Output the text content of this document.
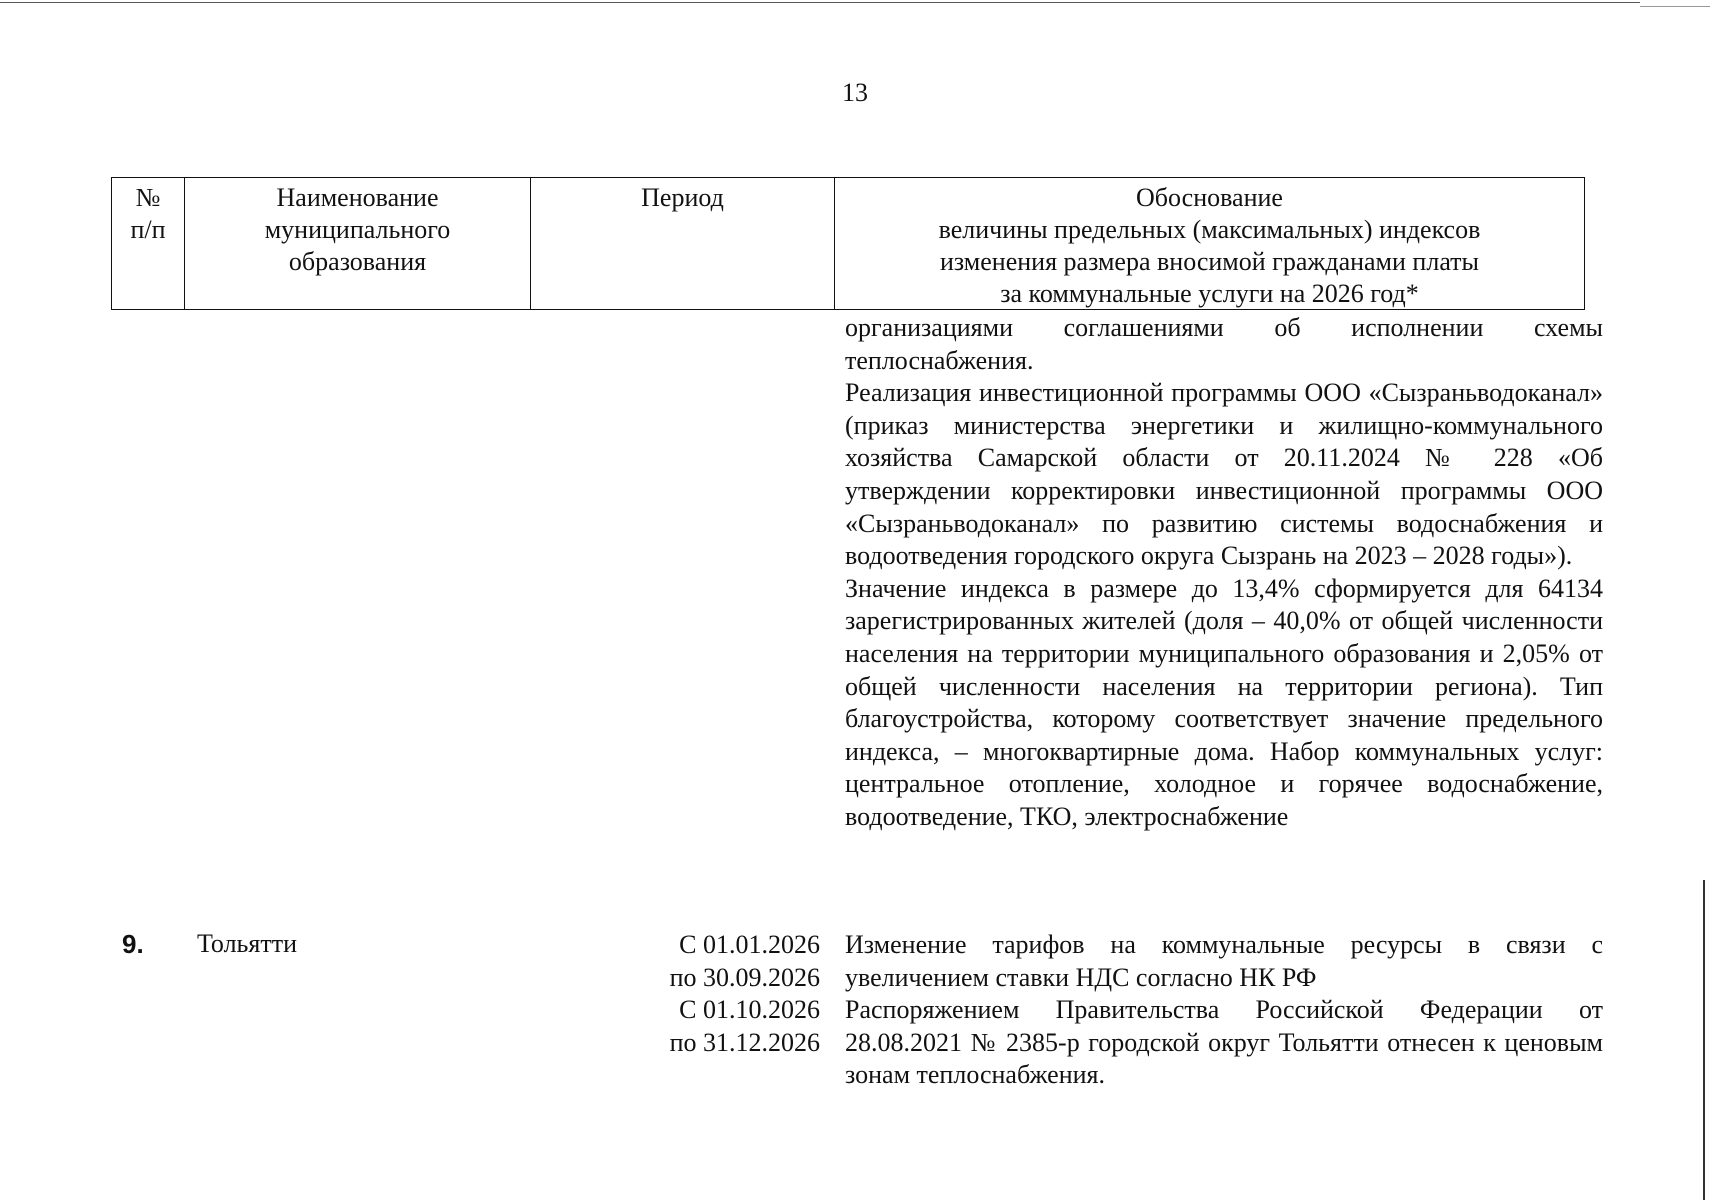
13
№
п/п
Наименование
муниципального
образования
Период	Обоснование
величины предельных (максимальных) индексов
изменения размера вносимой гражданами платы
за коммунальные услуги на 2026 год*

организациями соглашениями об исполнении схемы теплоснабжения.

Реализация инвестиционной программы ООО «Сызраньводоканал» (приказ министерства энергетики и жилищно-коммунального хозяйства Самарской области от 20.11.2024 № 228 «Об утверждении корректировки инвестиционной программы ООО «Сызраньводоканал» по развитию системы водоснабжения и водоотведения городского округа Сызрань на 2023 – 2028 годы»).

Значение индекса в размере до 13,4% сформируется для 64134 зарегистрированных жителей (доля – 40,0% от общей численности населения на территории муниципального образования и 2,05% от общей численности населения на территории региона). Тип благоустройства, которому соответствует значение предельного индекса, – многоквартирные дома. Набор коммунальных услуг: центральное отопление, холодное и горячее водоснабжение, водоотведение, ТКО, электроснабжение

9. Тольятти	С 01.01.2026
по 30.09.2026
С 01.10.2026
по 31.12.2026

Изменение тарифов на коммунальные ресурсы в связи с увеличением ставки НДС согласно НК РФ

Распоряжением Правительства Российской Федерации от 28.08.2021 № 2385-р городской округ Тольятти отнесен к ценовым зонам теплоснабжения.
